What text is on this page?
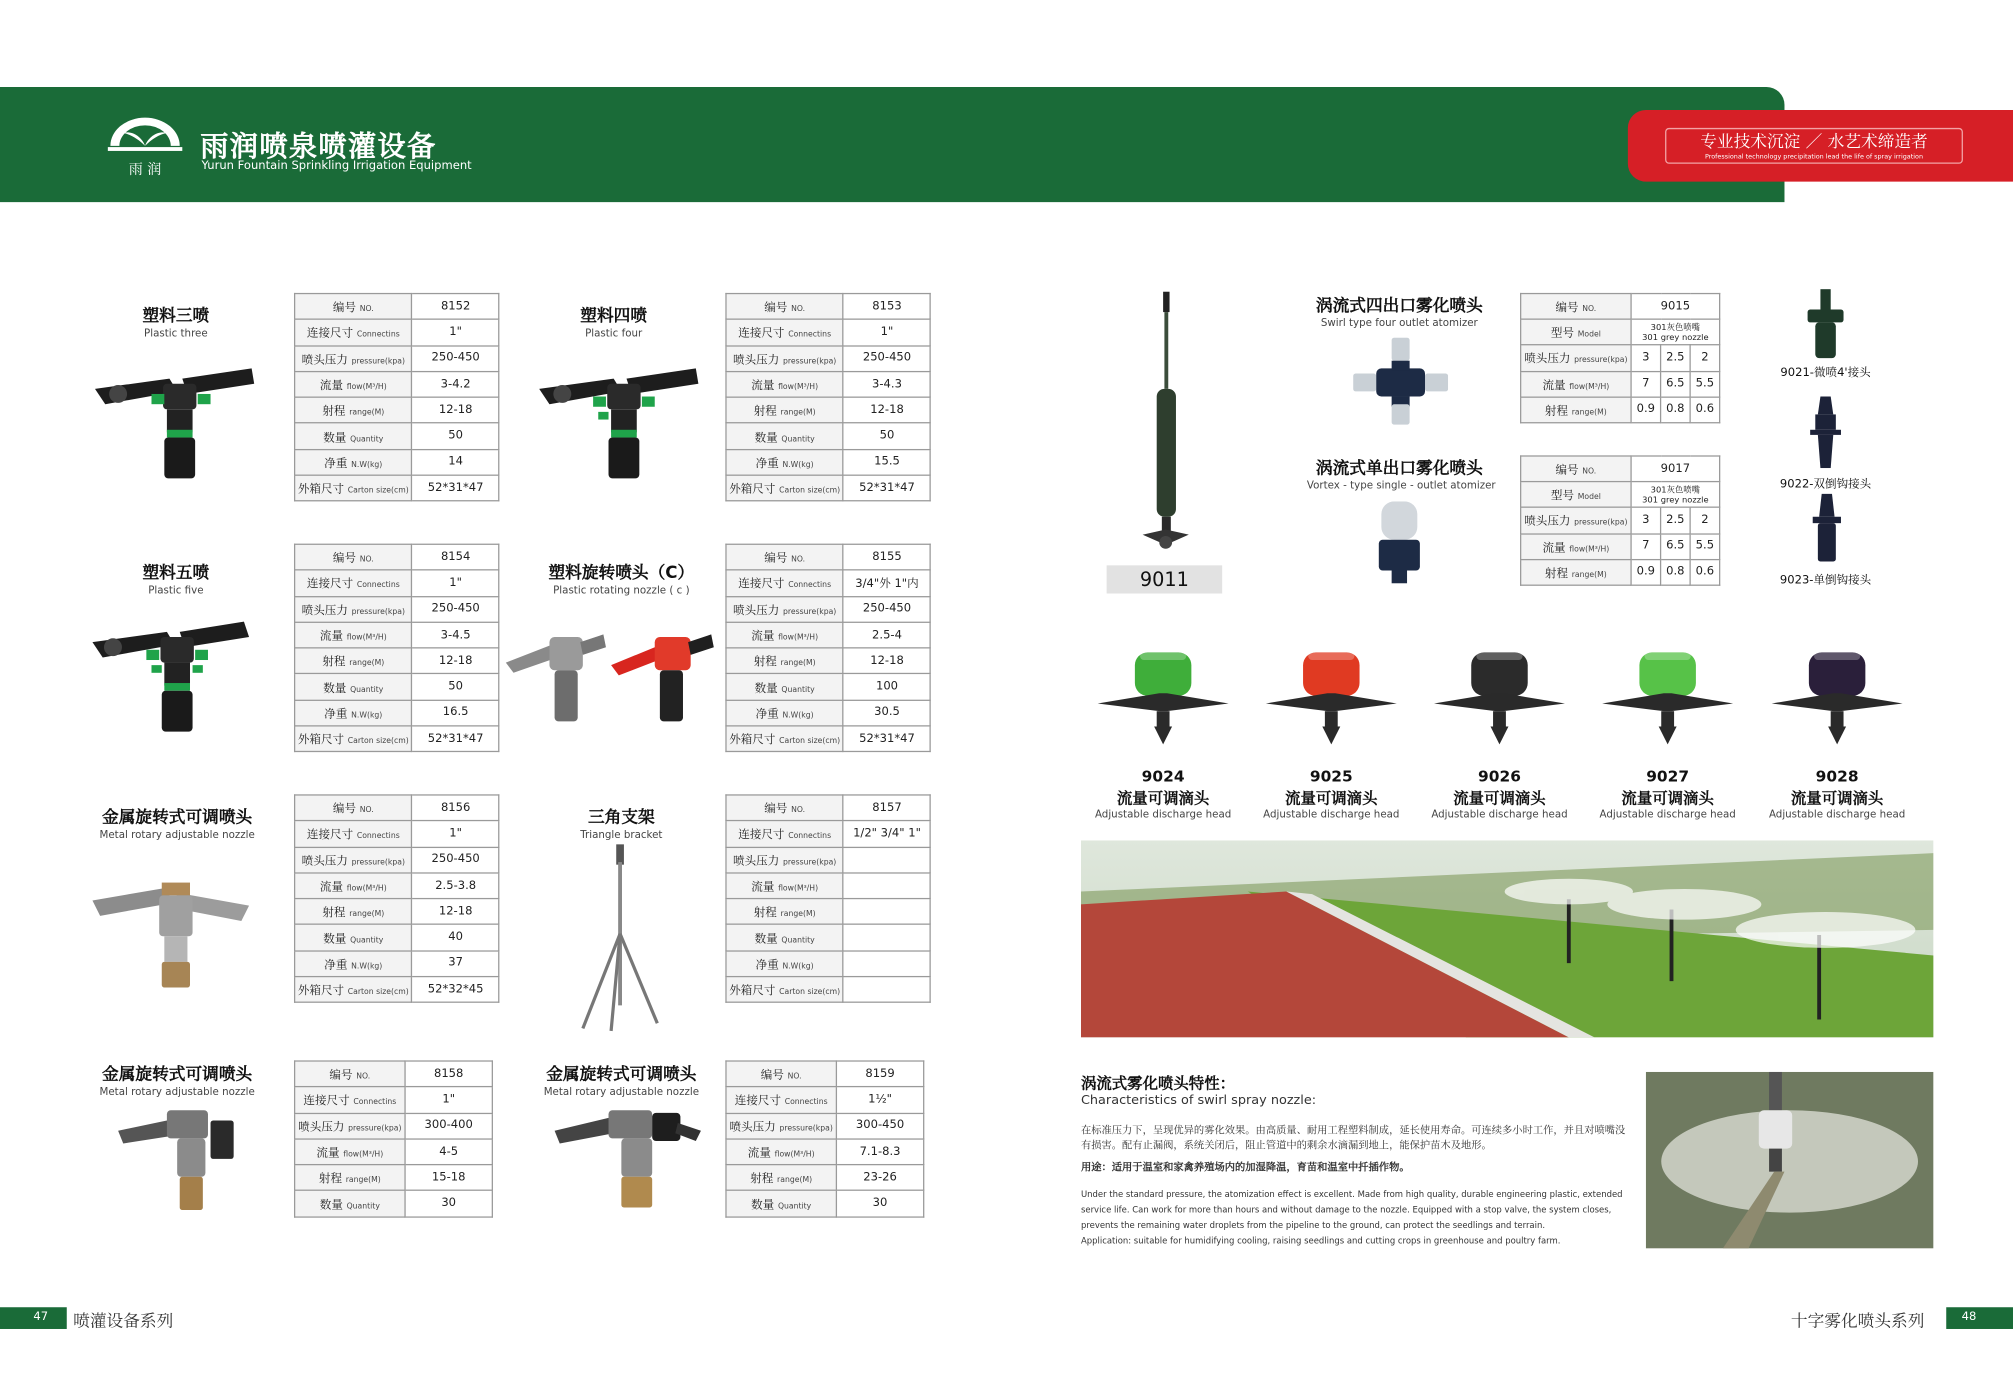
雨 润
雨润喷泉喷灌设备
Yurun Fountain Sprinkling Irrigation Equipment
专业技术沉淀 ／ 水艺术缔造者
Professional technology precipitation lead the life of spray irrigation
塑料三喷
Plastic three
编号 NO.	8152
连接尺寸 Connectins	1"
喷头压力 pressure(kpa)	250-450
流量 flow(M³/H)	3-4.2
射程 range(M)	12-18
数量 Quantity	50
净重 N.W(kg)	14
外箱尺寸 Carton size(cm)	52*31*47
塑料四喷
Plastic four
编号 NO.	8153
连接尺寸 Connectins	1"
喷头压力 pressure(kpa)	250-450
流量 flow(M³/H)	3-4.3
射程 range(M)	12-18
数量 Quantity	50
净重 N.W(kg)	15.5
外箱尺寸 Carton size(cm)	52*31*47
塑料五喷
Plastic five
编号 NO.	8154
连接尺寸 Connectins	1"
喷头压力 pressure(kpa)	250-450
流量 flow(M³/H)	3-4.5
射程 range(M)	12-18
数量 Quantity	50
净重 N.W(kg)	16.5
外箱尺寸 Carton size(cm)	52*31*47
塑料旋转喷头（C）
Plastic rotating nozzle ( c )
编号 NO.	8155
连接尺寸 Connectins	3/4"外 1"内
喷头压力 pressure(kpa)	250-450
流量 flow(M³/H)	2.5-4
射程 range(M)	12-18
数量 Quantity	100
净重 N.W(kg)	30.5
外箱尺寸 Carton size(cm)	52*31*47
金属旋转式可调喷头
Metal rotary adjustable nozzle
编号 NO.	8156
连接尺寸 Connectins	1"
喷头压力 pressure(kpa)	250-450
流量 flow(M³/H)	2.5-3.8
射程 range(M)	12-18
数量 Quantity	40
净重 N.W(kg)	37
外箱尺寸 Carton size(cm)	52*32*45
三角支架
Triangle bracket
编号 NO.	8157
连接尺寸 Connectins	1/2" 3/4" 1"
喷头压力 pressure(kpa)	
流量 flow(M³/H)	
射程 range(M)	
数量 Quantity	
净重 N.W(kg)	
外箱尺寸 Carton size(cm)	
金属旋转式可调喷头
Metal rotary adjustable nozzle
编号 NO.	8158
连接尺寸 Connectins	1"
喷头压力 pressure(kpa)	300-400
流量 flow(M³/H)	4-5
射程 range(M)	15-18
数量 Quantity	30
金属旋转式可调喷头
Metal rotary adjustable nozzle
编号 NO.	8159
连接尺寸 Connectins	1½"
喷头压力 pressure(kpa)	300-450
流量 flow(M³/H)	7.1-8.3
射程 range(M)	23-26
数量 Quantity	30
9011
涡流式四出口雾化喷头
Swirl type four outlet atomizer
涡流式单出口雾化喷头
Vortex - type single - outlet atomizer
编号 NO.	9015		
型号 Model	301灰色喷嘴
301 grey nozzle		

喷头压力 pressure(kpa)	3	2.5	2
流量 flow(M³/H)	7	6.5	5.5
射程 range(M)	0.9	0.8	0.6
编号 NO.	9017		
型号 Model	301灰色喷嘴
301 grey nozzle		

喷头压力 pressure(kpa)	3	2.5	2
流量 flow(M³/H)	7	6.5	5.5
射程 range(M)	0.9	0.8	0.6
9021-微喷4'接头
9022-双倒钩接头
9023-单倒钩接头
9024
流量可调滴头
Adjustable discharge head
9025
流量可调滴头
Adjustable discharge head
9026
流量可调滴头
Adjustable discharge head
9027
流量可调滴头
Adjustable discharge head
9028
流量可调滴头
Adjustable discharge head
涡流式雾化喷头特性：
Characteristics of swirl spray nozzle:
在标准压力下，呈现优异的雾化效果。由高质量、耐用工程塑料制成，延长使用寿命。可连续多小时工作，并且对喷嘴没有损害。配有止漏阀，系统关闭后，阻止管道中的剩余水滴漏到地上，能保护苗木及地形。
用途：适用于温室和家禽养殖场内的加湿降温，育苗和温室中扦插作物。
Under the standard pressure, the atomization effect is excellent. Made from high quality, durable engineering plastic, extended service life. Can work for more than hours and without damage to the nozzle. Equipped with a stop valve, the system closes, prevents the remaining water droplets from the pipeline to the ground, can protect the seedlings and terrain.
Application: suitable for humidifying cooling, raising seedlings and cutting crops in greenhouse and poultry farm.
47	喷灌设备系列	十字雾化喷头系列	48
